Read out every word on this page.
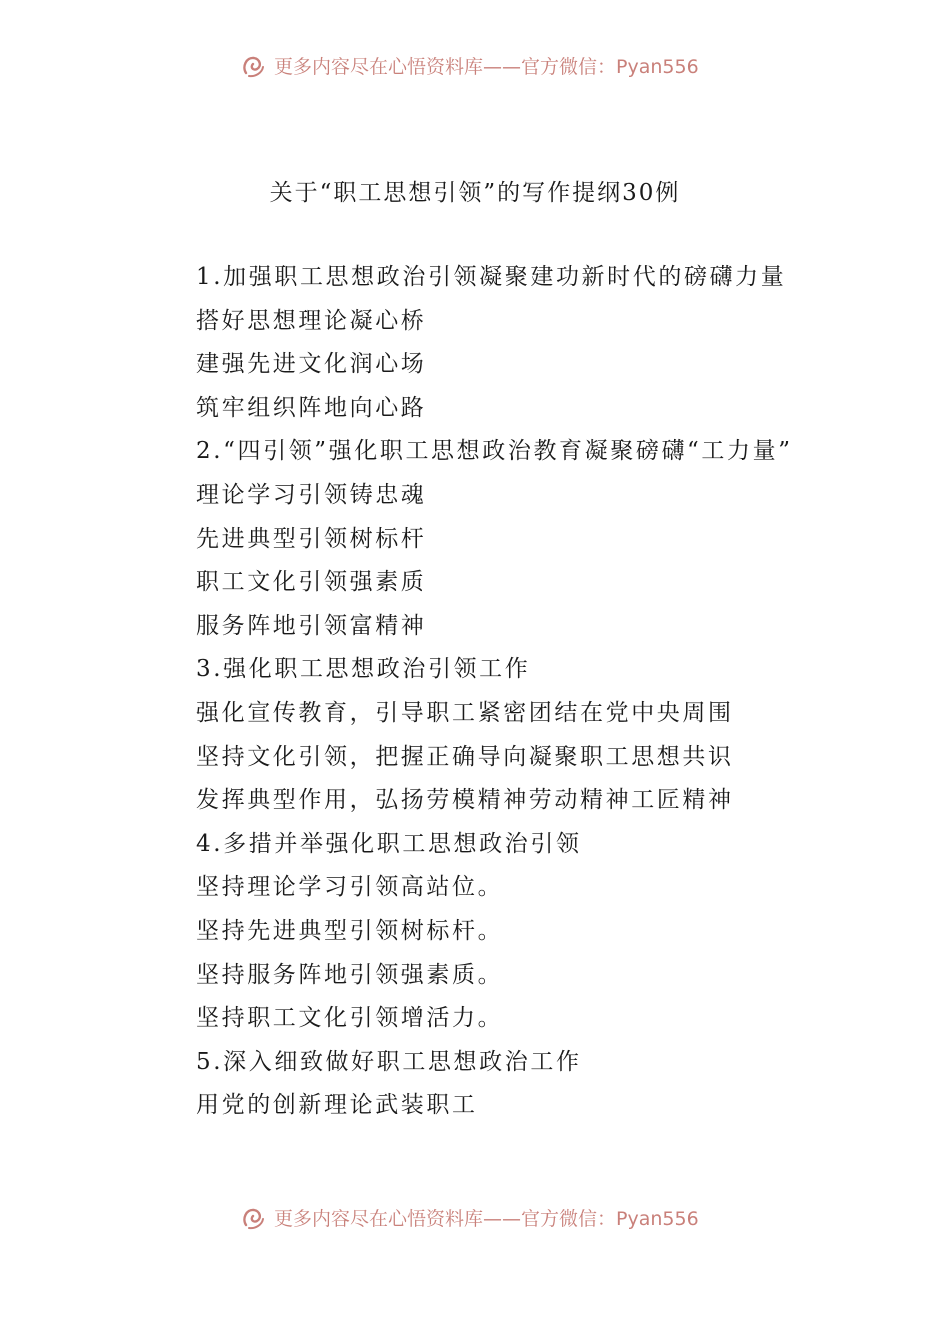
更多内容尽在心悟资料库——官方微信：Pyan556
关于“职工思想引领”的写作提纲30例
1.加强职工思想政治引领凝聚建功新时代的磅礴力量
搭好思想理论凝心桥
建强先进文化润心场
筑牢组织阵地向心路
2.“四引领”强化职工思想政治教育凝聚磅礴“工力量”
理论学习引领铸忠魂
先进典型引领树标杆
职工文化引领强素质
服务阵地引领富精神
3.强化职工思想政治引领工作
强化宣传教育，引导职工紧密团结在党中央周围
坚持文化引领，把握正确导向凝聚职工思想共识
发挥典型作用，弘扬劳模精神劳动精神工匠精神
4.多措并举强化职工思想政治引领
坚持理论学习引领高站位。
坚持先进典型引领树标杆。
坚持服务阵地引领强素质。
坚持职工文化引领增活力。
5.深入细致做好职工思想政治工作
用党的创新理论武装职工
更多内容尽在心悟资料库——官方微信：Pyan556
